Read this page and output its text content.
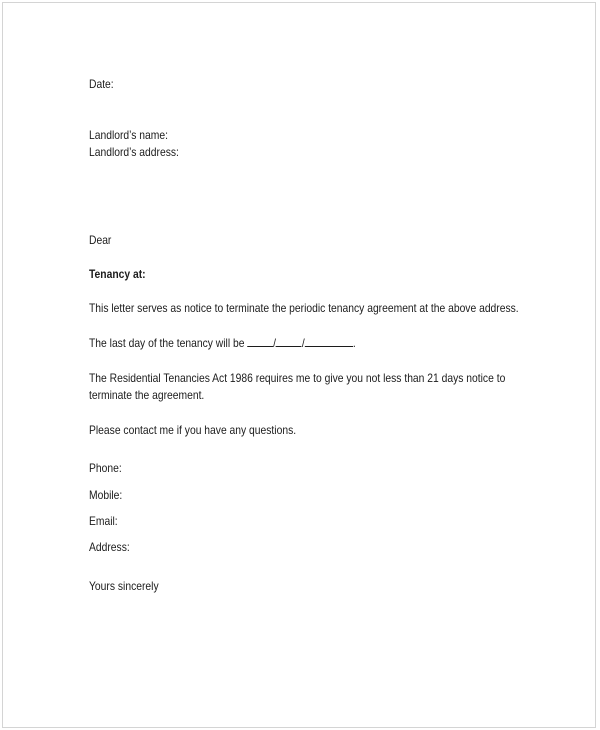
Date:

Landlord’s name:

Landlord’s address:

Dear

Tenancy at:

This letter serves as notice to terminate the periodic tenancy agreement at the above address.

The last day of the tenancy will be / /	.

The Residential Tenancies Act 1986 requires me to give you not less than 21 days notice to

terminate the agreement.

Please contact me if you have any questions.

Phone:

Mobile:

Email:

Address:

Yours sincerely
